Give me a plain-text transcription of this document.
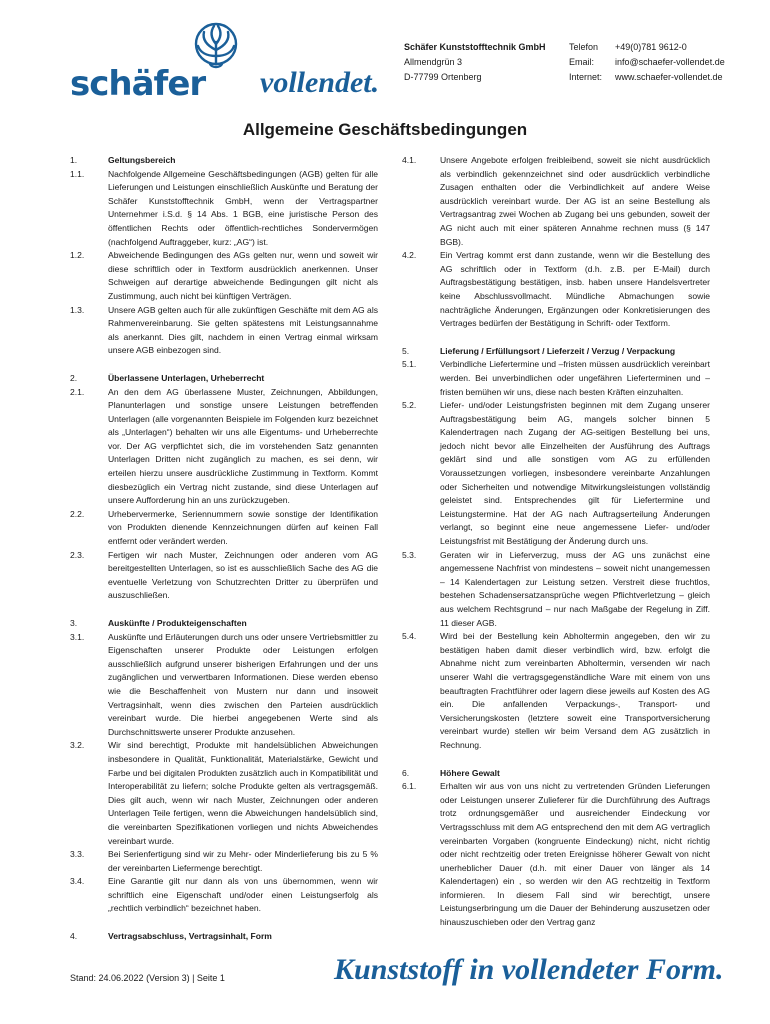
schäfer vollendet.
Schäfer Kunststofftechnik GmbH
Allmendgrün 3
D-77799 Ortenberg
Telefon	+49(0)781 9612-0
Email:	info@schaefer-vollendet.de
Internet:	www.schaefer-vollendet.de
Allgemeine Geschäftsbedingungen
1.	Geltungsbereich
1.1.	Nachfolgende Allgemeine Geschäftsbedingungen (AGB) gelten für alle Lieferungen und Leistungen einschließlich Auskünfte und Beratung der Schäfer Kunststofftechnik GmbH, wenn der Vertragspartner Unternehmer i.S.d. § 14 Abs. 1 BGB, eine juristische Person des öffentlichen Rechts oder öffentlich-rechtliches Sondervermögen (nachfolgend Auftraggeber, kurz: „AG“) ist.
1.2.	Abweichende Bedingungen des AGs gelten nur, wenn und soweit wir diese schriftlich oder in Textform ausdrücklich anerkennen. Unser Schweigen auf derartige abweichende Bedingungen gilt nicht als Zustimmung, auch nicht bei künftigen Verträgen.
1.3.	Unsere AGB gelten auch für alle zukünftigen Geschäfte mit dem AG als Rahmenvereinbarung. Sie gelten spätestens mit Leistungsannahme als anerkannt. Dies gilt, nachdem in einen Vertrag einmal wirksam unsere AGB einbezogen sind.
2.	Überlassene Unterlagen, Urheberrecht
2.1.	An den dem AG überlassene Muster, Zeichnungen, Abbildungen, Planunterlagen und sonstige unsere Leistungen betreffenden Unterlagen (alle vorgenannten Beispiele im Folgenden kurz bezeichnet als „Unterlagen“) behalten wir uns alle Eigentums- und Urheberrechte vor. Der AG verpflichtet sich, die im vorstehenden Satz genannten Unterlagen Dritten nicht zugänglich zu machen, es sei denn, wir erteilen hierzu unsere ausdrückliche Zustimmung in Textform. Kommt diesbezüglich ein Vertrag nicht zustande, sind diese Unterlagen auf unsere Aufforderung hin an uns zurückzugeben.
2.2.	Urhebervermerke, Seriennummern sowie sonstige der Identifikation von Produkten dienende Kennzeichnungen dürfen auf keinen Fall entfernt oder verändert werden.
2.3.	Fertigen wir nach Muster, Zeichnungen oder anderen vom AG bereitgestellten Unterlagen, so ist es ausschließlich Sache des AG die eventuelle Verletzung von Schutzrechten Dritter zu überprüfen und auszuschließen.
3.	Auskünfte / Produkteigenschaften
3.1.	Auskünfte und Erläuterungen durch uns oder unsere Vertriebsmittler zu Eigenschaften unserer Produkte oder Leistungen erfolgen ausschließlich aufgrund unserer bisherigen Erfahrungen und der uns zugänglichen und verwertbaren Informationen. Diese werden ebenso wie die Beschaffenheit von Mustern nur dann und insoweit Vertragsinhalt, wenn dies zwischen den Parteien ausdrücklich vereinbart wurde. Die hierbei angegebenen Werte sind als Durchschnittswerte unserer Produkte anzusehen.
3.2.	Wir sind berechtigt, Produkte mit handelsüblichen Abweichungen insbesondere in Qualität, Funktionalität, Materialstärke, Gewicht und Farbe und bei digitalen Produkten zusätzlich auch in Kompatibilität und Interoperabilität zu liefern; solche Produkte gelten als vertragsgemäß. Dies gilt auch, wenn wir nach Muster, Zeichnungen oder anderen Unterlagen Teile fertigen, wenn die Abweichungen handelsüblich sind, die vereinbarten Spezifikationen vorliegen und nichts Abweichendes vereinbart wurde.
3.3.	Bei Serienfertigung sind wir zu Mehr- oder Minderlieferung bis zu 5 % der vereinbarten Liefermenge berechtigt.
3.4.	Eine Garantie gilt nur dann als von uns übernommen, wenn wir schriftlich eine Eigenschaft und/oder einen Leistungserfolg als „rechtlich verbindlich“ bezeichnet haben.
4.	Vertragsabschluss, Vertragsinhalt, Form
4.1.	Unsere Angebote erfolgen freibleibend, soweit sie nicht ausdrücklich als verbindlich gekennzeichnet sind oder ausdrücklich verbindliche Zusagen enthalten oder die Verbindlichkeit auf andere Weise ausdrücklich vereinbart wurde. Der AG ist an seine Bestellung als Vertragsantrag zwei Wochen ab Zugang bei uns gebunden, soweit der AG nicht auch mit einer späteren Annahme rechnen muss (§ 147 BGB).
4.2.	Ein Vertrag kommt erst dann zustande, wenn wir die Bestellung des AG schriftlich oder in Textform (d.h. z.B. per E-Mail) durch Auftragsbestätigung bestätigen, insb. haben unsere Handelsvertreter keine Abschlussvollmacht. Mündliche Abmachungen sowie nachträgliche Änderungen, Ergänzungen oder Konkretisierungen des Vertrages bedürfen der Bestätigung in Schrift- oder Textform.
5.	Lieferung / Erfüllungsort / Lieferzeit / Verzug / Verpackung
5.1.	Verbindliche Liefertermine und –fristen müssen ausdrücklich vereinbart werden. Bei unverbindlichen oder ungefähren Lieferterminen und –fristen bemühen wir uns, diese nach besten Kräften einzuhalten.
5.2.	Liefer- und/oder Leistungsfristen beginnen mit dem Zugang unserer Auftragsbestätigung beim AG, mangels solcher binnen 5 Kalendertragen nach Zugang der AG-seitigen Bestellung bei uns, jedoch nicht bevor alle Einzelheiten der Ausführung des Auftrags geklärt sind und alle sonstigen vom AG zu erfüllenden Voraussetzungen vorliegen, insbesondere vereinbarte Anzahlungen oder Sicherheiten und notwendige Mitwirkungsleistungen vollständig geleistet sind. Entsprechendes gilt für Liefertermine und Leistungstermine. Hat der AG nach Auftragserteilung Änderungen verlangt, so beginnt eine neue angemessene Liefer- und/oder Leistungsfrist mit Bestätigung der Änderung durch uns.
5.3.	Geraten wir in Lieferverzug, muss der AG uns zunächst eine angemessene Nachfrist von mindestens – soweit nicht unangemessen – 14 Kalendertagen zur Leistung setzen. Verstreit diese fruchtlos, bestehen Schadensersatzansprüche wegen Pflichtverletzung – gleich aus welchem Rechtsgrund – nur nach Maßgabe der Regelung in Ziff. 11 dieser AGB.
5.4.	Wird bei der Bestellung kein Abholtermin angegeben, den wir zu bestätigen haben damit dieser verbindlich wird, bzw. erfolgt die Abnahme nicht zum vereinbarten Abholtermin, versenden wir nach unserer Wahl die vertragsgegenständliche Ware mit einem von uns beauftragten Frachtführer oder lagern diese jeweils auf Kosten des AG ein. Die anfallenden Verpackungs-, Transport- und Versicherungskosten (letztere soweit eine Transportversicherung vereinbart wurde) stellen wir beim Versand dem AG zusätzlich in Rechnung.
6.	Höhere Gewalt
6.1.	Erhalten wir aus von uns nicht zu vertretenden Gründen Lieferungen oder Leistungen unserer Zulieferer für die Durchführung des Auftrags trotz ordnungsgemäßer und ausreichender Eindeckung vor Vertragsschluss mit dem AG entsprechend den mit dem AG vertraglich vereinbarten Vorgaben (kongruente Eindeckung) nicht, nicht richtig oder nicht rechtzeitig oder treten Ereignisse höherer Gewalt von nicht unerheblicher Dauer (d.h. mit einer Dauer von länger als 14 Kalendertagen) ein , so werden wir den AG rechtzeitig in Textform informieren. In diesem Fall sind wir berechtigt, unsere Leistungserbringung um die Dauer der Behinderung auszusetzen oder hinauszuschieben oder den Vertrag ganz
Stand: 24.06.2022 (Version 3) | Seite 1	Kunststoff in vollendeter Form.
